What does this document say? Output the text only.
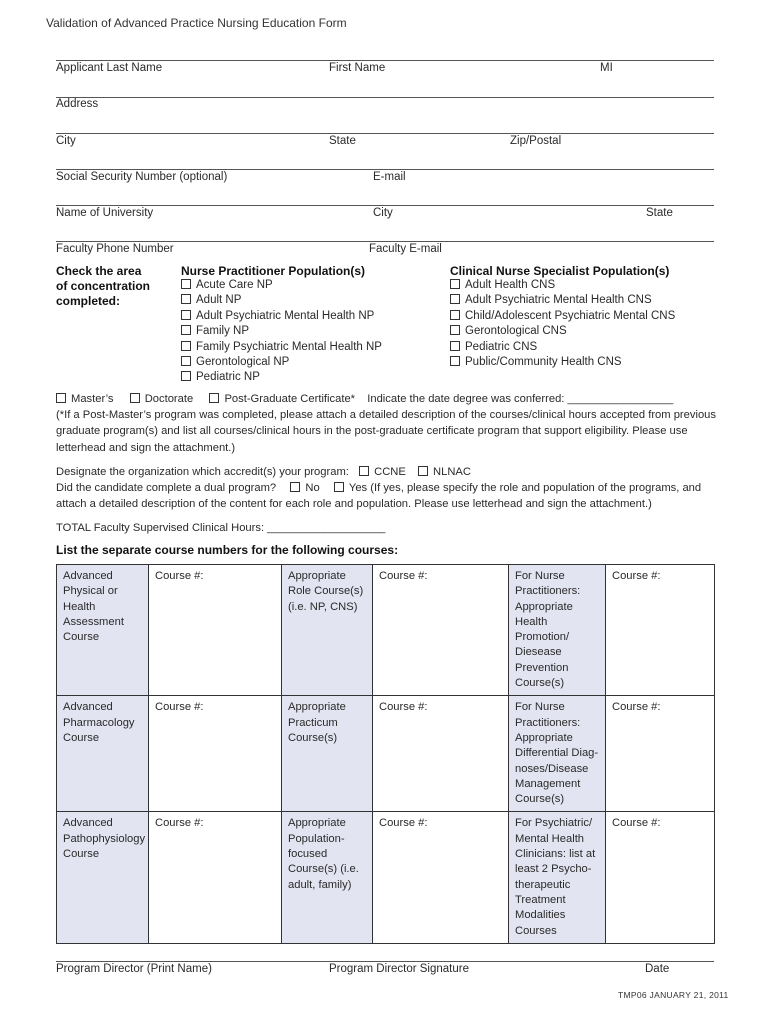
Validation of Advanced Practice Nursing Education Form
Applicant Last Name	First Name	MI
Address
City	State	Zip/Postal
Social Security Number (optional)	E-mail
Name of University	City	State
Faculty Phone Number	Faculty E-mail
Check the area
of concentration
completed:
Nurse Practitioner Population(s)
Acute Care NP
Adult NP
Adult Psychiatric Mental Health NP
Family NP
Family Psychiatric Mental Health NP
Gerontological NP
Pediatric NP
Clinical Nurse Specialist Population(s)
Adult Health CNS
Adult Psychiatric Mental Health CNS
Child/Adolescent Psychiatric Mental CNS
Gerontological CNS
Pediatric CNS
Public/Community Health CNS
Master’s	Doctorate	Post-Graduate Certificate* Indicate the date degree was conferred: _________________
(*If a Post-Master’s program was completed, please attach a detailed description of the courses/clinical hours accepted from previous
graduate program(s) and list all courses/clinical hours in the post-graduate certificate program that support eligibility. Please use
letterhead and sign the attachment.)
Designate the organization which accredit(s) your program: CCNE NLNAC
Did the candidate complete a dual program?	No	Yes (If yes, please specify the role and population of the programs, and
attach a detailed description of the content for each role and population. Please use letterhead and sign the attachment.)
TOTAL Faculty Supervised Clinical Hours: ___________________
List the separate course numbers for the following courses:
Advanced Physical or Health Assessment Course	Course #:	Appropriate Role Course(s) (i.e. NP, CNS)	Course #:	For Nurse Practitioners: Appropriate Health Promotion/ Diesease Prevention Course(s)	Course #:
Advanced Pharmacology Course	Course #:	Appropriate Practicum Course(s)	Course #:	For Nurse Practitioners: Appropriate Differential Diag- noses/Disease Management Course(s)	Course #:
Advanced Pathophysiology Course	Course #:	Appropriate Population- focused Course(s) (i.e. adult, family)	Course #:	For Psychiatric/ Mental Health Clinicians: list at least 2 Psycho- therapeutic Treatment Modalities Courses	Course #:
Program Director (Print Name)	Program Director Signature	Date
TMP06 JANUARY 21, 2011
